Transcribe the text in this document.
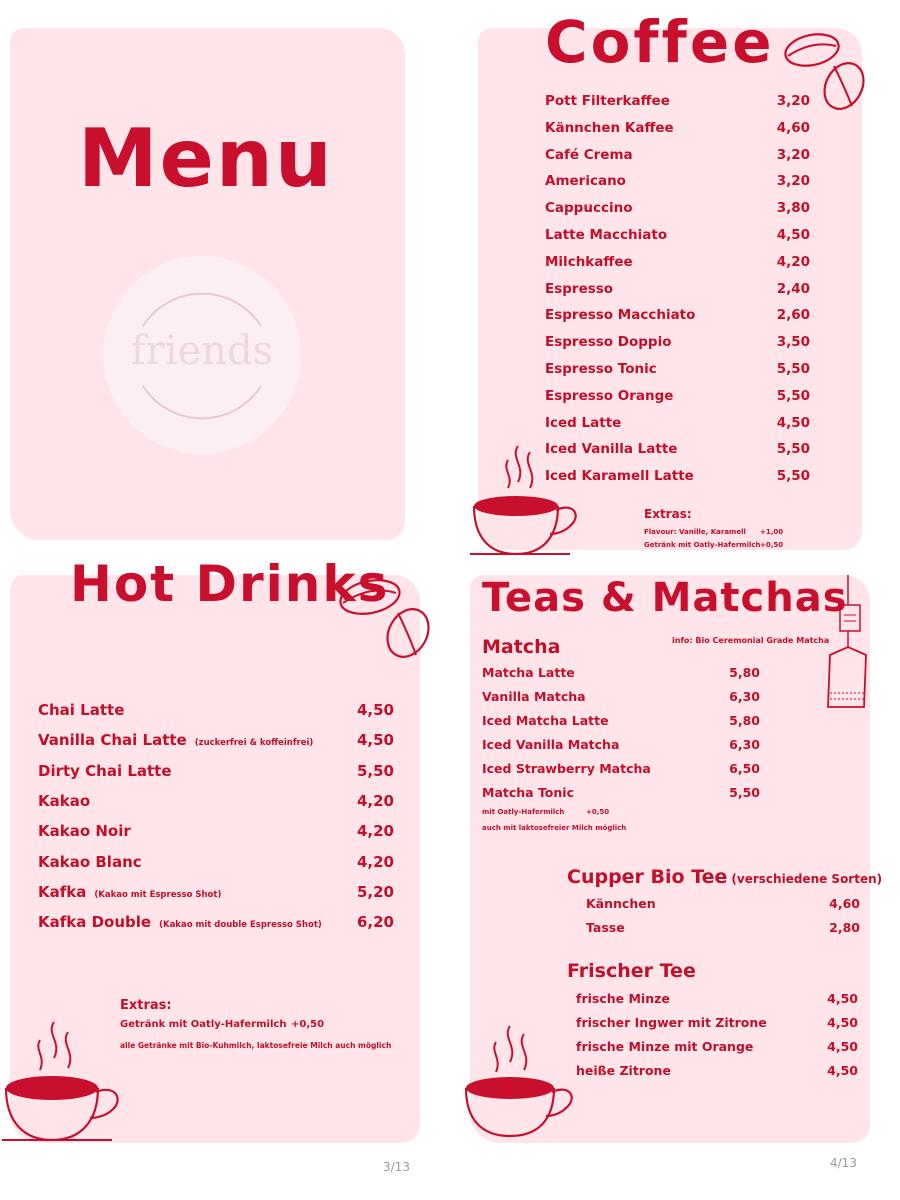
Menu
friends
Coffee
Pott Filterkaffee	3,20
Kännchen Kaffee	4,60
Café Crema	3,20
Americano	3,20
Cappuccino	3,80
Latte Macchiato	4,50
Milchkaffee	4,20
Espresso	2,40
Espresso Macchiato	2,60
Espresso Doppio	3,50
Espresso Tonic	5,50
Espresso Orange	5,50
Iced Latte	4,50
Iced Vanilla Latte	5,50
Iced Karamell Latte	5,50
Extras:
Flavour: Vanille, Karamell +1,00
Getränk mit Oatly-Hafermilch +0,50
Hot Drinks
Chai Latte	4,50
Vanilla Chai Latte (zuckerfrei & koffeinfrei)	4,50
Dirty Chai Latte	5,50
Kakao	4,20
Kakao Noir	4,20
Kakao Blanc	4,20
Kafka (Kakao mit Espresso Shot)	5,20
Kafka Double (Kakao mit double Espresso Shot)	6,20
Extras:
Getränk mit Oatly-Hafermilch +0,50
alle Getränke mit Bio-Kuhmilch, laktosefreie Milch auch möglich
3/13
Teas & Matchas
Matcha	info: Bio Ceremonial Grade Matcha
Matcha Latte	5,80
Vanilla Matcha	6,30
Iced Matcha Latte	5,80
Iced Vanilla Matcha	6,30
Iced Strawberry Matcha	6,50
Matcha Tonic	5,50
mit Oatly-Hafermilch	+0,50
auch mit laktosefreier Milch möglich
Cupper Bio Tee (verschiedene Sorten)
Kännchen	4,60
Tasse	2,80
Frischer Tee
frische Minze	4,50
frischer Ingwer mit Zitrone	4,50
frische Minze mit Orange	4,50
heiße Zitrone	4,50
4/13
